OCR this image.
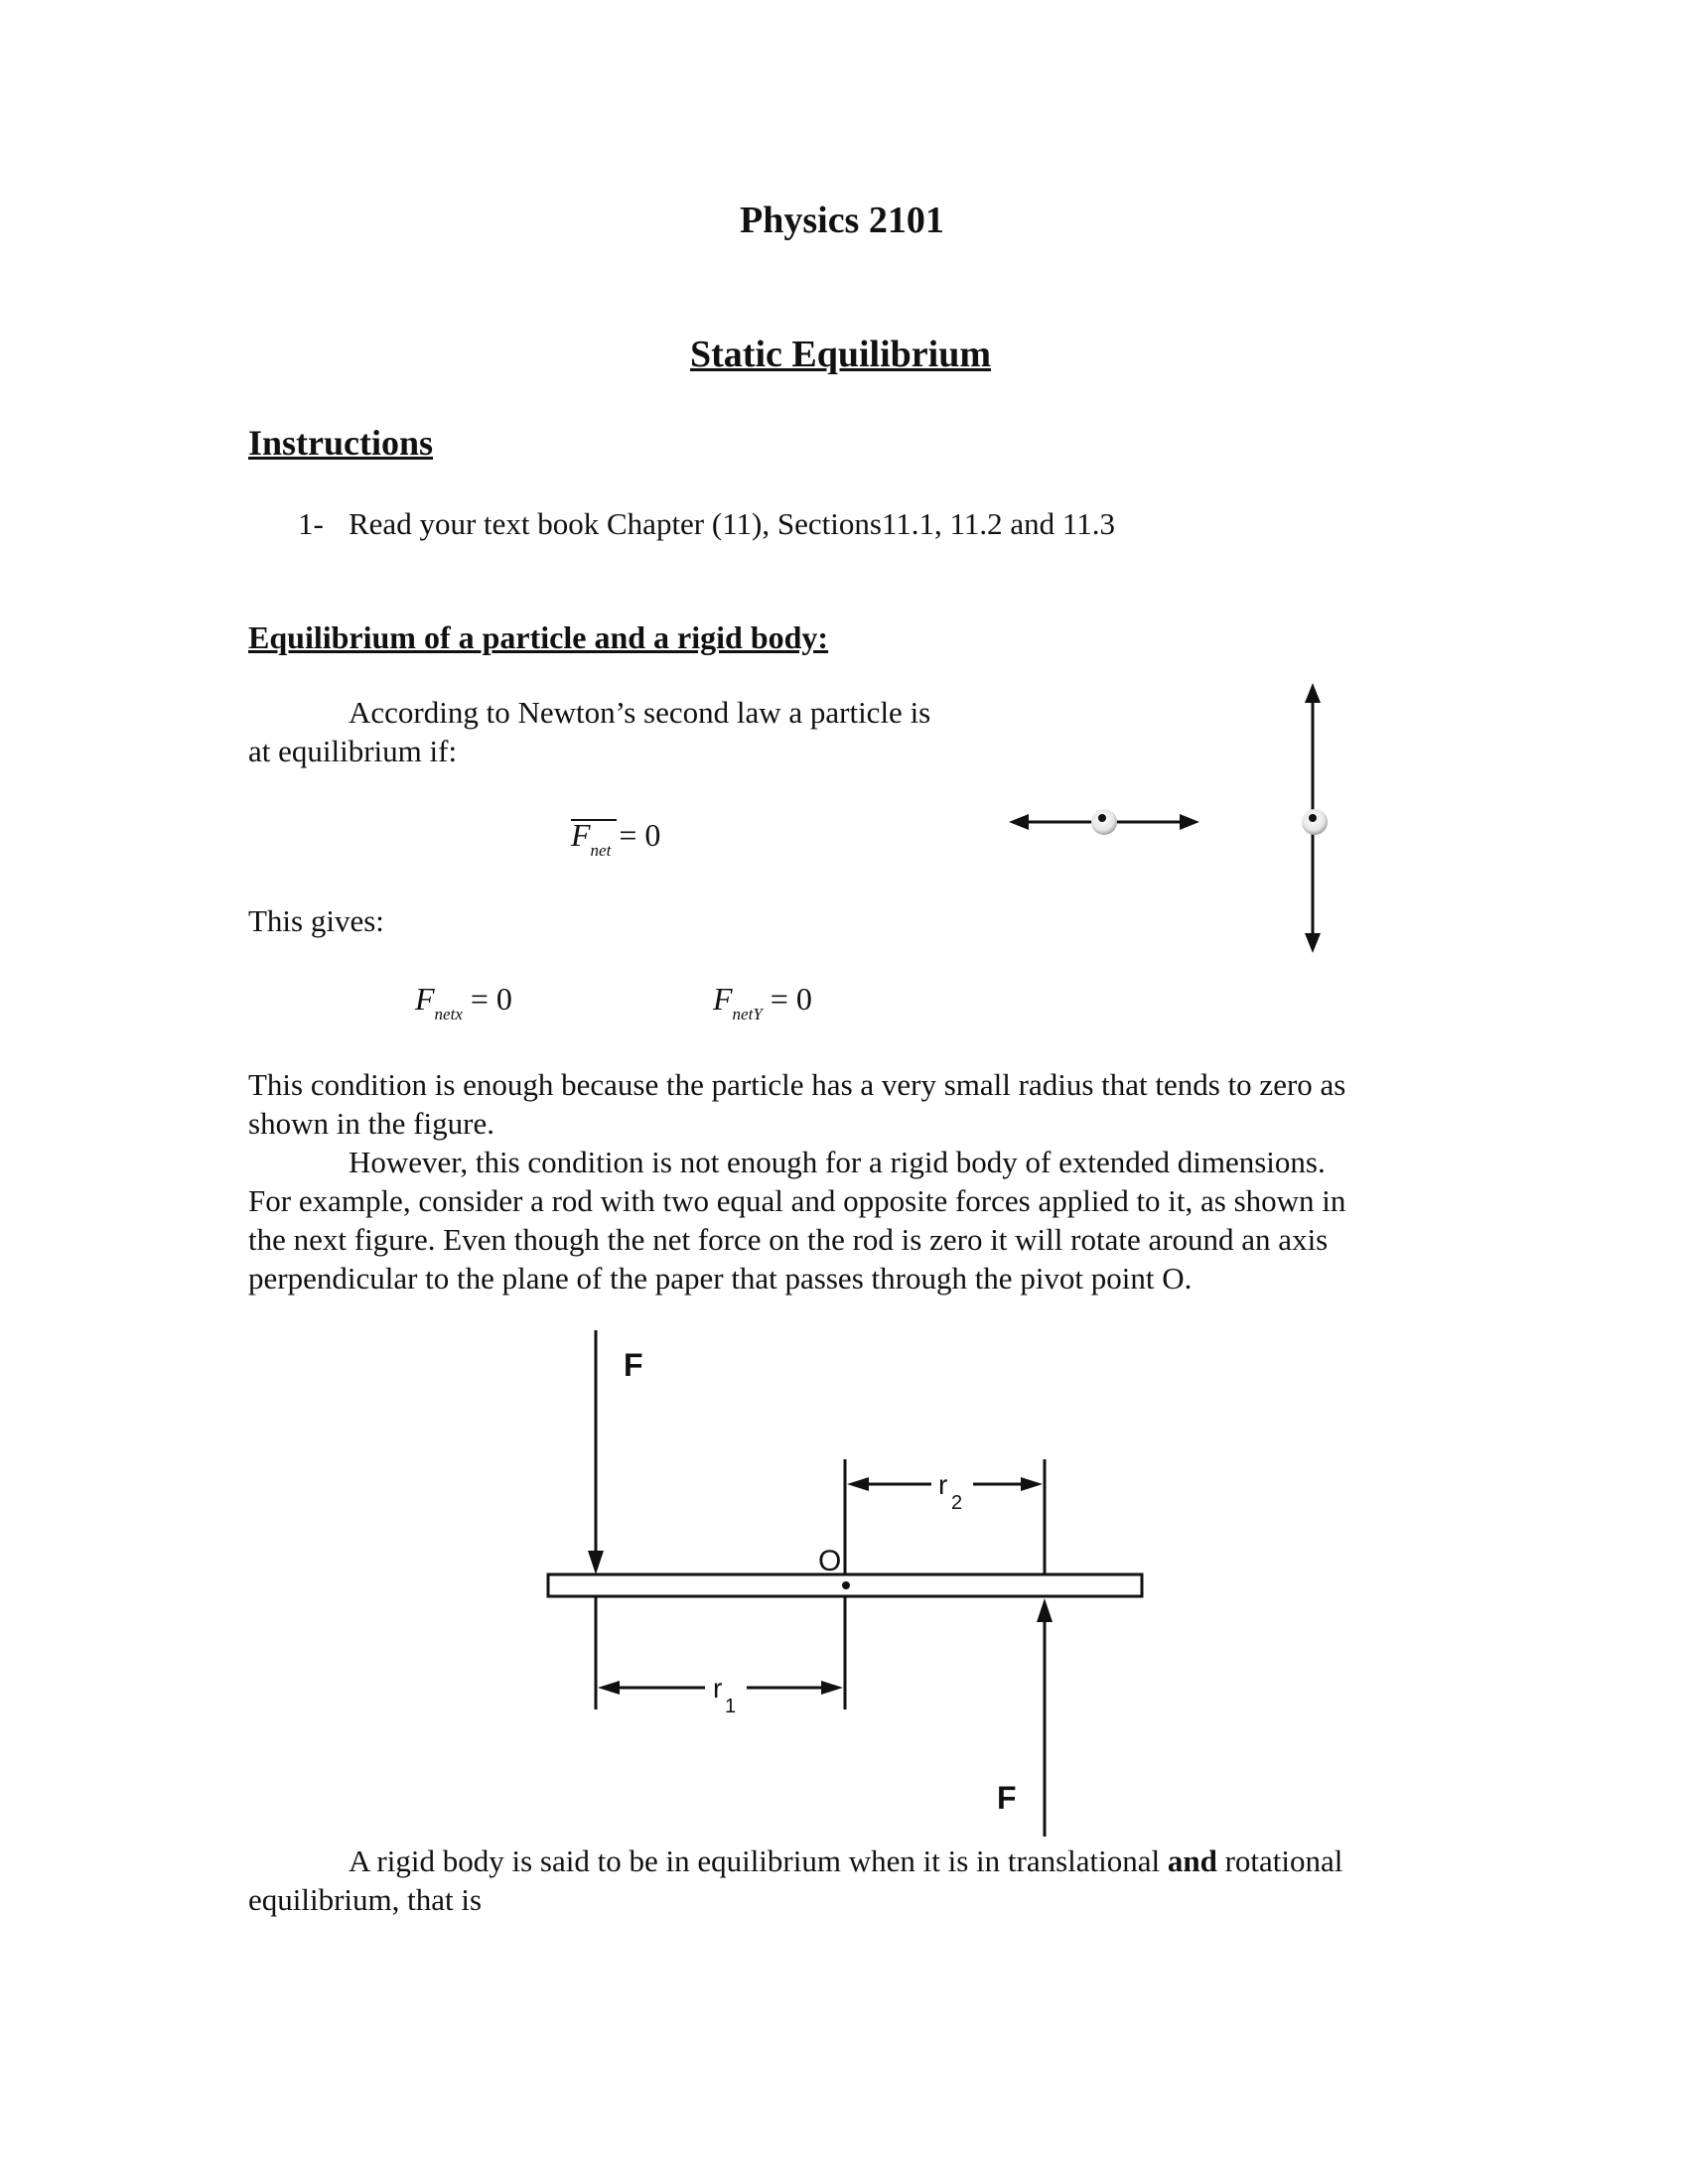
Physics 2101
Static Equilibrium
Instructions
1- Read your text book Chapter (11), Sections11.1, 11.2 and 11.3
Equilibrium of a particle and a rigid body:
According to Newton’s second law a particle is
at equilibrium if:
$F_{net} = 0$
This gives:
$F_{netx} = 0$	$F_{netY} = 0$
This condition is enough because the particle has a very small radius that tends to zero as
shown in the figure.
However, this condition is not enough for a rigid body of extended dimensions.
For example, consider a rod with two equal and opposite forces applied to it, as shown in
the next figure. Even though the net force on the rod is zero it will rotate around an axis
perpendicular to the plane of the paper that passes through the pivot point O.
F
O
r
2
r
1
F
A rigid body is said to be in equilibrium when it is in translational and rotational
equilibrium, that is
